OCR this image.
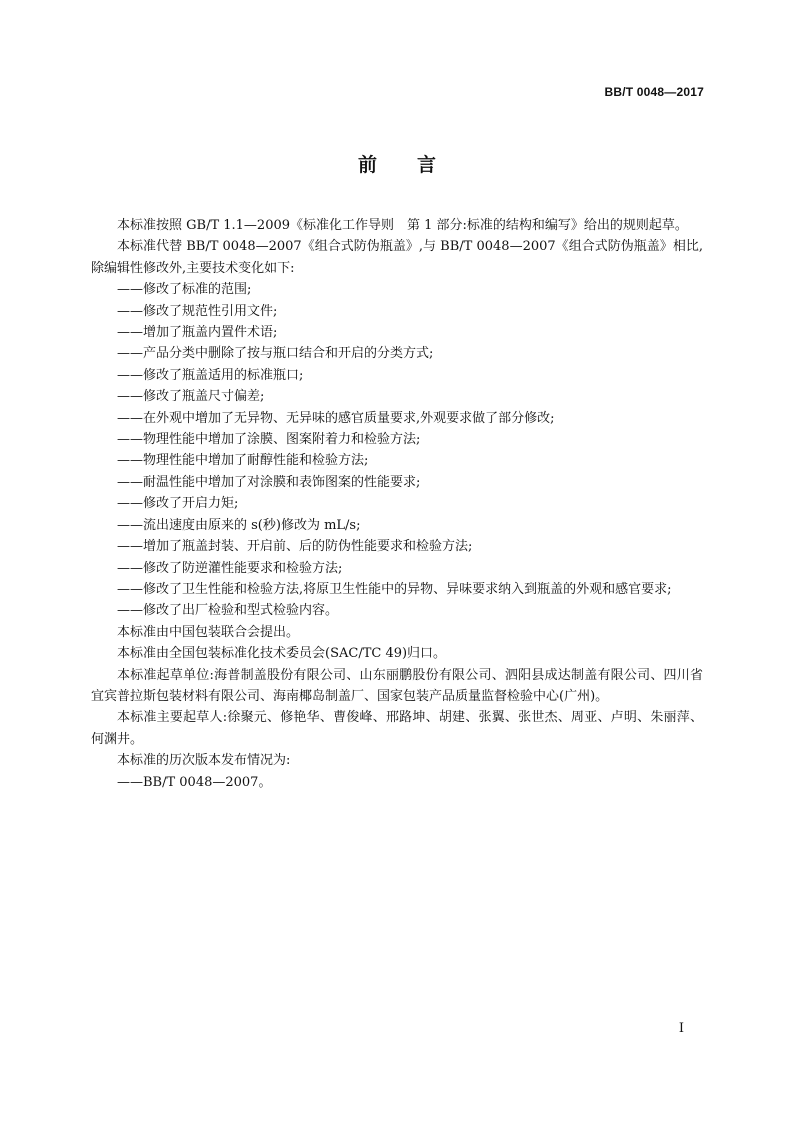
BB/T 0048—2017
前言

本标准按照 GB/T 1.1—2009《标准化工作导则　第 1 部分:标准的结构和编写》给出的规则起草。

本标准代替 BB/T 0048—2007《组合式防伪瓶盖》,与 BB/T 0048—2007《组合式防伪瓶盖》相比,除编辑性修改外,主要技术变化如下:

——修改了标准的范围;

——修改了规范性引用文件;

——增加了瓶盖内置件术语;

——产品分类中删除了按与瓶口结合和开启的分类方式;

——修改了瓶盖适用的标准瓶口;

——修改了瓶盖尺寸偏差;

——在外观中增加了无异物、无异味的感官质量要求,外观要求做了部分修改;

——物理性能中增加了涂膜、图案附着力和检验方法;

——物理性能中增加了耐醇性能和检验方法;

——耐温性能中增加了对涂膜和表饰图案的性能要求;

——修改了开启力矩;

——流出速度由原来的 s(秒)修改为 mL/s;

——增加了瓶盖封装、开启前、后的防伪性能要求和检验方法;

——修改了防逆灌性能要求和检验方法;

——修改了卫生性能和检验方法,将原卫生性能中的异物、异味要求纳入到瓶盖的外观和感官要求;

——修改了出厂检验和型式检验内容。

本标准由中国包装联合会提出。

本标准由全国包装标准化技术委员会(SAC/TC 49)归口。

本标准起草单位:海普制盖股份有限公司、山东丽鹏股份有限公司、泗阳县成达制盖有限公司、四川省宜宾普拉斯包装材料有限公司、海南椰岛制盖厂、国家包装产品质量监督检验中心(广州)。

本标准主要起草人:徐聚元、修艳华、曹俊峰、邢路坤、胡建、张翼、张世杰、周亚、卢明、朱丽萍、何渊井。

本标准的历次版本发布情况为:

——BB/T 0048—2007。

I
